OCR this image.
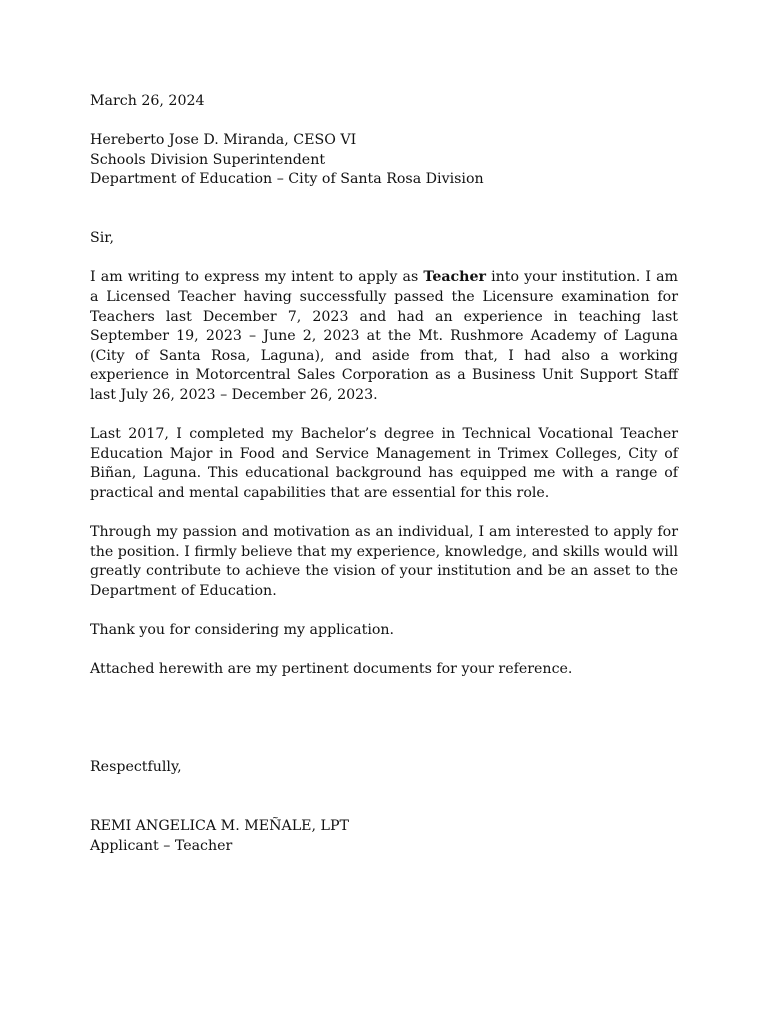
March 26, 2024
Hereberto Jose D. Miranda, CESO VI
Schools Division Superintendent
Department of Education – City of Santa Rosa Division
Sir,

I am writing to express my intent to apply as Teacher into your institution. I am a Licensed Teacher having successfully passed the Licensure examination for Teachers last December 7, 2023 and had an experience in teaching last September 19, 2023 – June 2, 2023 at the Mt. Rushmore Academy of Laguna (City of Santa Rosa, Laguna), and aside from that, I had also a working experience in Motorcentral Sales Corporation as a Business Unit Support Staff last July 26, 2023 – December 26, 2023.

Last 2017, I completed my Bachelor’s degree in Technical Vocational Teacher Education Major in Food and Service Management in Trimex Colleges, City of Biñan, Laguna. This educational background has equipped me with a range of practical and mental capabilities that are essential for this role.

Through my passion and motivation as an individual, I am interested to apply for the position. I firmly believe that my experience, knowledge, and skills would will greatly contribute to achieve the vision of your institution and be an asset to the Department of Education.

Thank you for considering my application.

Attached herewith are my pertinent documents for your reference.

Respectfully,
REMI ANGELICA M. MEÑALE, LPT
Applicant – Teacher
